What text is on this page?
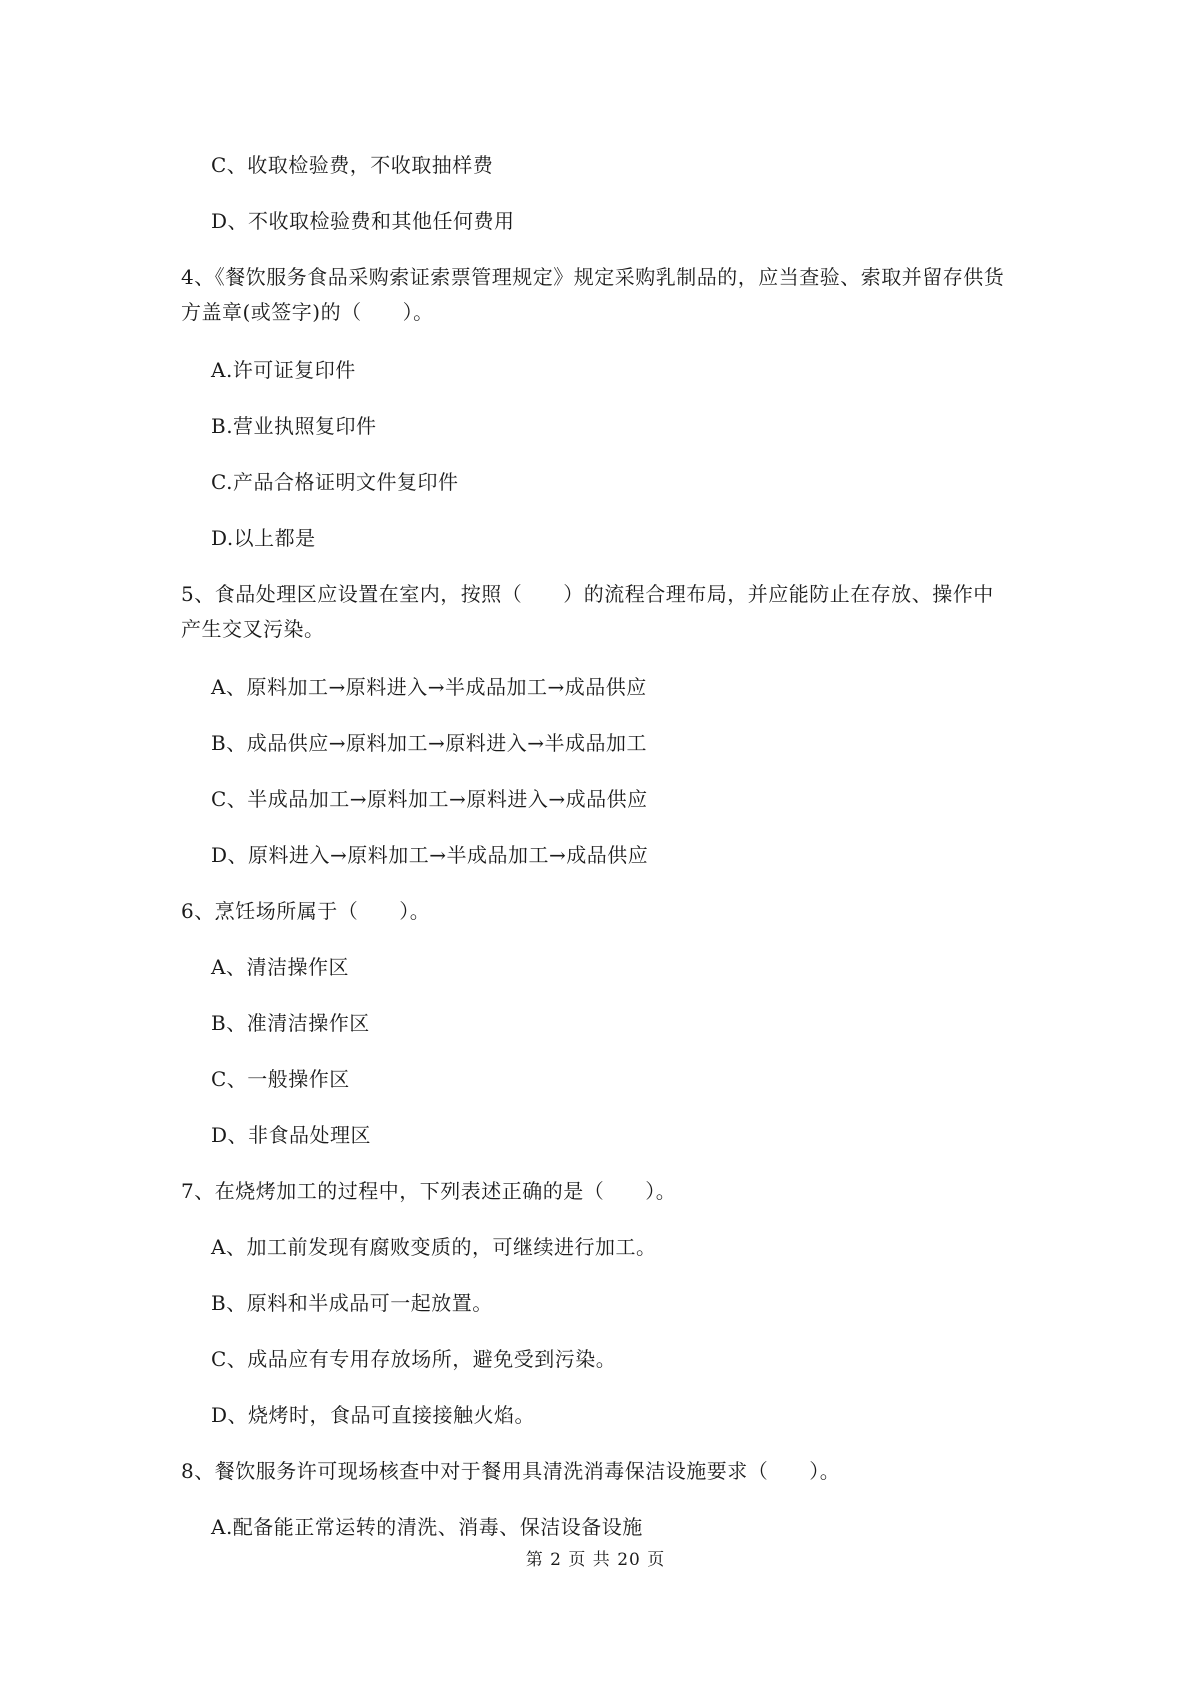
C、收取检验费，不收取抽样费
D、不收取检验费和其他任何费用
4、《餐饮服务食品采购索证索票管理规定》规定采购乳制品的，应当查验、索取并留存供货
方盖章(或签字)的（　　）。
A.许可证复印件
B.营业执照复印件
C.产品合格证明文件复印件
D.以上都是
5、食品处理区应设置在室内，按照（　　）的流程合理布局，并应能防止在存放、操作中
产生交叉污染。
A、原料加工→原料进入→半成品加工→成品供应
B、成品供应→原料加工→原料进入→半成品加工
C、半成品加工→原料加工→原料进入→成品供应
D、原料进入→原料加工→半成品加工→成品供应
6、烹饪场所属于（　　）。
A、清洁操作区
B、准清洁操作区
C、一般操作区
D、非食品处理区
7、在烧烤加工的过程中，下列表述正确的是（　　）。
A、加工前发现有腐败变质的，可继续进行加工。
B、原料和半成品可一起放置。
C、成品应有专用存放场所，避免受到污染。
D、烧烤时，食品可直接接触火焰。
8、餐饮服务许可现场核查中对于餐用具清洗消毒保洁设施要求（　　）。
A.配备能正常运转的清洗、消毒、保洁设备设施
第 2 页 共 20 页
